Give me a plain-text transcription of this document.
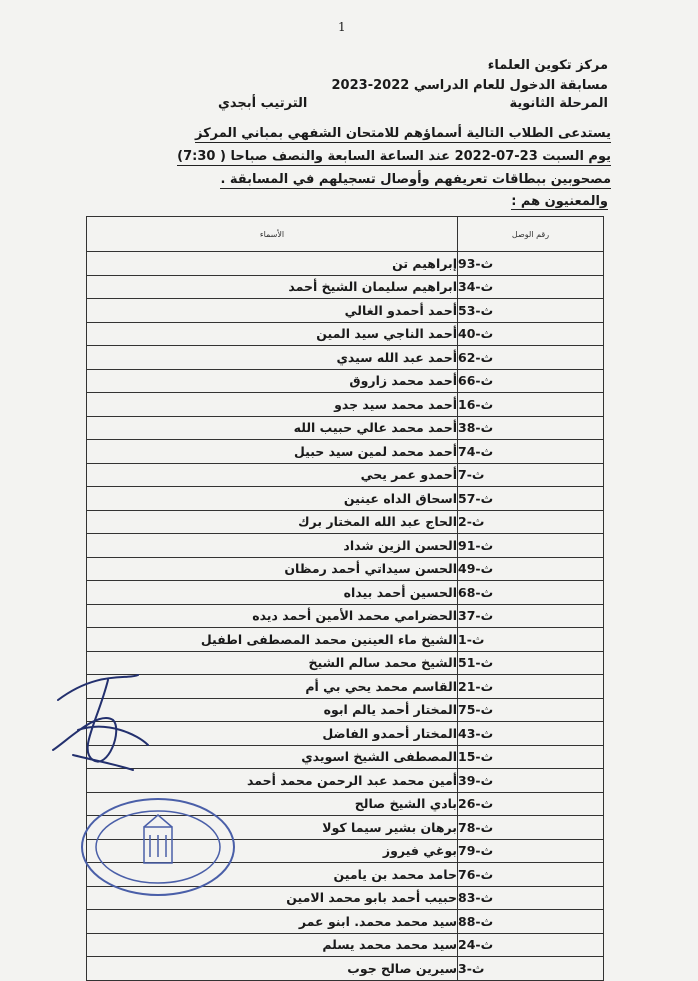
1
مركز تكوين العلماء
مسابقة الدخول للعام الدراسي 2022-2023
المرحلة الثانوية
الترتيب أبجدي
يستدعى الطلاب التالية أسماؤهم للامتحان الشفهي بمباني المركز
يوم السبت 23-07-2022 عند الساعة السابعة والنصف صباحا ( 7:30)
مصحوبين ببطاقات تعريفهم وأوصال تسجيلهم في المسابقة .
والمعنيون هم :
رقم الوصل	الأسماء
ث-93	إبراهيم تن
ث-34	ابراهيم سليمان الشيخ أحمد
ث-53	أحمد أحمدو الغالي
ث-40	أحمد الناجي سيد المين
ث-62	أحمد عبد الله سيدي
ث-66	أحمد محمد زاروق
ث-16	أحمد محمد سيد جدو
ث-38	أحمد محمد عالي حبيب الله
ث-74	أحمد محمد لمين سيد حبيل
ث-7	أحمدو عمر يحي
ث-57	اسحاق الداه عينين
ث-2	الحاج عبد الله المختار برك
ث-91	الحسن الزين شداد
ث-49	الحسن سيداتي أحمد رمظان
ث-68	الحسين أحمد بيداه
ث-37	الحضرامي محمد الأمين أحمد ديده
ث-1	الشيخ ماء العينين محمد المصطفى اطفيل
ث-51	الشيخ محمد سالم الشيخ
ث-21	القاسم محمد يحي بي أم
ث-75	المختار أحمد يالم ابوه
ث-43	المختار أحمدو الفاضل
ث-15	المصطفى الشيخ اسويدي
ث-39	أمين محمد عبد الرحمن محمد أحمد
ث-26	بادي الشيخ صالح
ث-78	برهان بشير سيما كولا
ث-79	بوغي فيروز
ث-76	حامد محمد بن يامين
ث-83	حبيب أحمد بابو محمد الامين
ث-88	سيد محمد محمد. ابنو عمر
ث-24	سيد محمد محمد يسلم
ث-3	سيرين صالح جوب
